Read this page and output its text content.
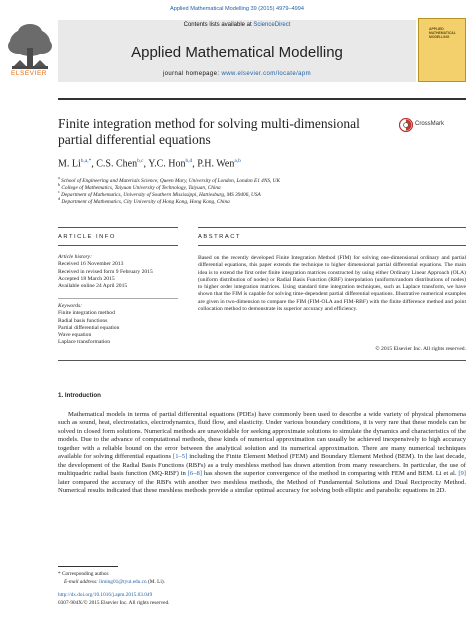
Applied Mathematical Modelling 39 (2015) 4979–4994
Contents lists available at ScienceDirect
Applied Mathematical Modelling
journal homepage: www.elsevier.com/locate/apm
ELSEVIER
APPLIED MATHEMATICAL MODELLING
Finite integration method for solving multi-dimensional partial differential equations
CrossMark
M. $Li^{b,a,*}$, C.S. Chen$^{b,c}$, Y.C. Hon$^{b,d}$, P.H. Wen$^{a,b}$
$^a$ School of Engineering and Materials Science, Queen Mary, University of London, London E1 4NS, UK
$^b$ College of Mathematics, Taiyuan University of Technology, Taiyuan, China
$^c$ Department of Mathematics, University of Southern Mississippi, Hattiesburg, MS 39406, USA
$^d$ Department of Mathematics, City University of Hong Kong, Hong Kong, China
ARTICLE INFO	ABSTRACT
Article history:
Received 16 November 2013
Received in revised form 9 February 2015
Accepted 18 March 2015
Available online 24 April 2015
Keywords:
Finite integration method
Radial basis functions
Partial differential equation
Wave equation
Laplace transformation
Based on the recently developed Finite Integration Method (FIM) for solving one-dimensional ordinary and partial differential equations, this paper extends the technique to higher dimensional partial differential equations. The main idea is to extend the first order finite integration matrices constructed by using either Ordinary Linear Approach (OLA) (uniform distribution of nodes) or Radial Basis Function (RBF) interpolation (uniform/random distributions of nodes) to higher order integration matrices. Using standard time integration techniques, such as Laplace transform, we have shown that the FIM is capable for solving time-dependent partial differential equations. Illustrative numerical examples are given in two-dimension to compare the FIM (FIM-OLA and FIM-RBF) with the finite difference method and point collocation method to demonstrate its superior accuracy and efficiency.
© 2015 Elsevier Inc. All rights reserved.
1. Introduction
Mathematical models in terms of partial differential equations (PDEs) have commonly been used to describe a wide variety of physical phenomena such as sound, heat, electrostatics, electrodynamics, fluid flow, and elasticity. Under various boundary conditions, it is very rare that these models can be solved in closed form solutions. Numerical methods are unavoidable for seeking approximate solutions to simulate the dynamics and characteristics of the models. Due to the advance of computational methods, these kinds of numerical approximation can usually be achieved inexpensively to high accuracy together with a reliable bound on the error between the analytical solution and its numerical approximation. There are many numerical techniques available for solving differential equations [1–5] including the Finite Element Method (FEM) and Boundary Element Method (BEM). In the last decade, the development of the Radial Basis Functions (RBFs) as a truly meshless method has drawn attention from many researchers. In particular, the use of multiquadric radial basis function (MQ-RBF) in [6–8] has shown the superior convergence of the method in comparing with FEM and BEM. Li et al. [9] later compared the accuracy of the RBFs with another two meshless methods, the Method of Fundamental Solutions and Dual Reciprocity Method. Numerical results indicated that these meshless methods provide a similar optimal accuracy for solving both elliptic and parabolic equations in 2D.
* Corresponding author.
E-mail address: liming01@tyut.edu.cn (M. Li).
http://dx.doi.org/10.1016/j.apm.2015.03.049
0307-904X/© 2015 Elsevier Inc. All rights reserved.
